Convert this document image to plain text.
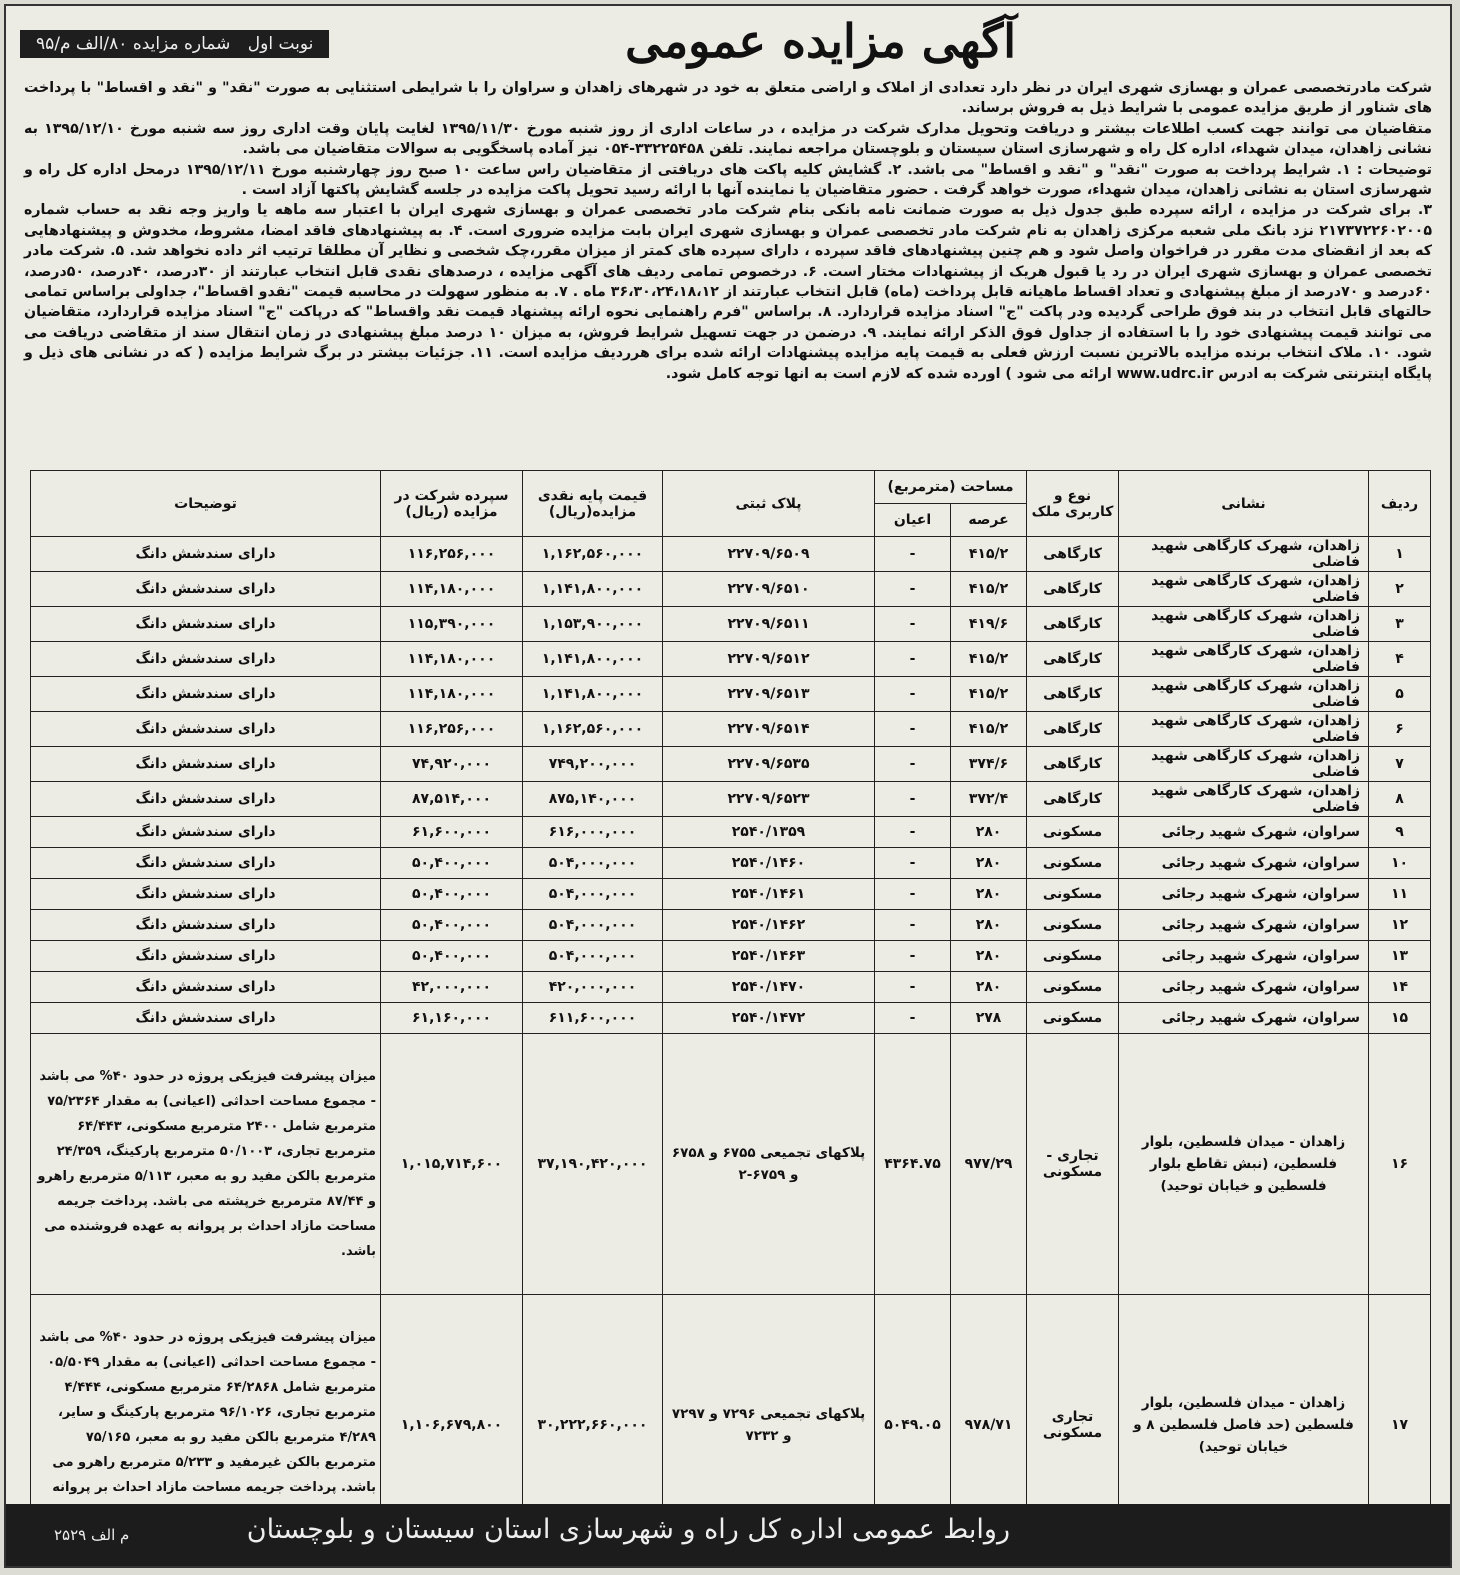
آگهی مزایده عمومی
نوبت اول شماره مزایده ۸۰/الف م/۹۵

شرکت مادرتخصصی عمران و بهسازی شهری ایران در نظر دارد تعدادی از املاک و اراضی متعلق به خود در شهرهای زاهدان و سراوان را با شرایطی استثنایی به صورت "نقد" و "نقد و اقساط" با پرداخت های شناور از طریق مزایده عمومی با شرایط ذیل به فروش برساند.

متقاضیان می توانند جهت کسب اطلاعات بیشتر و دریافت وتحویل مدارک شرکت در مزایده ، در ساعات اداری از روز شنبه مورخ ۱۳۹۵/۱۱/۳۰ لغایت پایان وقت اداری روز سه شنبه مورخ ۱۳۹۵/۱۲/۱۰ به نشانی زاهدان، میدان شهداء، اداره کل راه و شهرسازی استان سیستان و بلوچستان مراجعه نمایند. تلفن ۳۳۲۲۵۴۵۸-۰۵۴ نیز آماده پاسخگویی به سوالات متقاضیان می باشد.

توضیحات : ۱. شرایط پرداخت به صورت "نقد" و "نقد و اقساط" می باشد. ۲. گشایش کلیه پاکت های دریافتی از متقاضیان راس ساعت ۱۰ صبح روز چهارشنبه مورخ ۱۳۹۵/۱۲/۱۱ درمحل اداره کل راه و شهرسازی استان به نشانی زاهدان، میدان شهداء، صورت خواهد گرفت . حضور متقاضیان یا نماینده آنها با ارائه رسید تحویل پاکت مزایده در جلسه گشایش پاکتها آزاد است .

۳. برای شرکت در مزایده ، ارائه سپرده طبق جدول ذیل به صورت ضمانت نامه بانکی بنام شرکت مادر تخصصی عمران و بهسازی شهری ایران با اعتبار سه ماهه یا واریز وجه نقد به حساب شماره ۲۱۷۳۷۲۲۶۰۲۰۰۵ نزد بانک ملی شعبه مرکزی زاهدان به نام شرکت مادر تخصصی عمران و بهسازی شهری ایران بابت مزایده ضروری است. ۴. به پیشنهادهای فاقد امضا، مشروط، مخدوش و پیشنهادهایی که بعد از انقضای مدت مقرر در فراخوان واصل شود و هم چنین پیشنهادهای فاقد سپرده ، دارای سپرده های کمتر از میزان مقرر،چک شخصی و نظایر آن مطلقا ترتیب اثر داده نخواهد شد. ۵. شرکت مادر تخصصی عمران و بهسازی شهری ایران در رد یا قبول هریک از پیشنهادات مختار است. ۶. درخصوص تمامی ردیف های آگهی مزایده ، درصدهای نقدی قابل انتخاب عبارتند از ۳۰درصد، ۴۰درصد، ۵۰درصد، ۶۰درصد و ۷۰درصد از مبلغ پیشنهادی و تعداد اقساط ماهیانه قابل پرداخت (ماه) قابل انتخاب عبارتند از ۳۶،۳۰،۲۴،۱۸،۱۲ ماه . ۷. به منظور سهولت در محاسبه قیمت "نقدو اقساط"، جداولی براساس تمامی حالتهای قابل انتخاب در بند فوق طراحی گردیده ودر پاکت "ج" اسناد مزایده قراردارد. ۸. براساس "فرم راهنمایی نحوه ارائه پیشنهاد قیمت نقد واقساط" که درپاکت "ج" اسناد مزایده قراردارد، متقاضیان می توانند قیمت پیشنهادی خود را با استفاده از جداول فوق الذکر ارائه نمایند. ۹. درضمن در جهت تسهیل شرایط فروش، به میزان ۱۰ درصد مبلغ پیشنهادی در زمان انتقال سند از متقاضی دریافت می شود. ۱۰. ملاک انتخاب برنده مزایده بالاترین نسبت ارزش فعلی به قیمت پایه مزایده پیشنهادات ارائه شده برای هرردیف مزایده است. ۱۱. جزئیات بیشتر در برگ شرایط مزایده ( که در نشانی های ذیل و پایگاه اینترنتی شرکت به ادرس www.udrc.ir ارائه می شود ) اورده شده که لازم است به انها توجه کامل شود.

ردیف	نشانی	نوع و کاربری ملک	مساحت (مترمربع)		پلاک ثبتی	قیمت پایه نقدی مزایده(ریال)	سپرده شرکت در مزایده (ریال)	توضیحات
			عرصه	اعیان				
۱	زاهدان، شهرک کارگاهی شهید فاضلی	کارگاهی	۴۱۵/۲	-	۲۲۷۰۹/۶۵۰۹	۱,۱۶۲,۵۶۰,۰۰۰	۱۱۶,۲۵۶,۰۰۰	دارای سندشش دانگ
۲	زاهدان، شهرک کارگاهی شهید فاضلی	کارگاهی	۴۱۵/۲	-	۲۲۷۰۹/۶۵۱۰	۱,۱۴۱,۸۰۰,۰۰۰	۱۱۴,۱۸۰,۰۰۰	دارای سندشش دانگ
۳	زاهدان، شهرک کارگاهی شهید فاضلی	کارگاهی	۴۱۹/۶	-	۲۲۷۰۹/۶۵۱۱	۱,۱۵۳,۹۰۰,۰۰۰	۱۱۵,۳۹۰,۰۰۰	دارای سندشش دانگ
۴	زاهدان، شهرک کارگاهی شهید فاضلی	کارگاهی	۴۱۵/۲	-	۲۲۷۰۹/۶۵۱۲	۱,۱۴۱,۸۰۰,۰۰۰	۱۱۴,۱۸۰,۰۰۰	دارای سندشش دانگ
۵	زاهدان، شهرک کارگاهی شهید فاضلی	کارگاهی	۴۱۵/۲	-	۲۲۷۰۹/۶۵۱۳	۱,۱۴۱,۸۰۰,۰۰۰	۱۱۴,۱۸۰,۰۰۰	دارای سندشش دانگ
۶	زاهدان، شهرک کارگاهی شهید فاضلی	کارگاهی	۴۱۵/۲	-	۲۲۷۰۹/۶۵۱۴	۱,۱۶۲,۵۶۰,۰۰۰	۱۱۶,۲۵۶,۰۰۰	دارای سندشش دانگ
۷	زاهدان، شهرک کارگاهی شهید فاضلی	کارگاهی	۳۷۴/۶	-	۲۲۷۰۹/۶۵۳۵	۷۴۹,۲۰۰,۰۰۰	۷۴,۹۲۰,۰۰۰	دارای سندشش دانگ
۸	زاهدان، شهرک کارگاهی شهید فاضلی	کارگاهی	۳۷۲/۴	-	۲۲۷۰۹/۶۵۲۳	۸۷۵,۱۴۰,۰۰۰	۸۷,۵۱۴,۰۰۰	دارای سندشش دانگ
۹	سراوان، شهرک شهید رجائی	مسکونی	۲۸۰	-	۲۵۴۰/۱۳۵۹	۶۱۶,۰۰۰,۰۰۰	۶۱,۶۰۰,۰۰۰	دارای سندشش دانگ
۱۰	سراوان، شهرک شهید رجائی	مسکونی	۲۸۰	-	۲۵۴۰/۱۴۶۰	۵۰۴,۰۰۰,۰۰۰	۵۰,۴۰۰,۰۰۰	دارای سندشش دانگ
۱۱	سراوان، شهرک شهید رجائی	مسکونی	۲۸۰	-	۲۵۴۰/۱۴۶۱	۵۰۴,۰۰۰,۰۰۰	۵۰,۴۰۰,۰۰۰	دارای سندشش دانگ
۱۲	سراوان، شهرک شهید رجائی	مسکونی	۲۸۰	-	۲۵۴۰/۱۴۶۲	۵۰۴,۰۰۰,۰۰۰	۵۰,۴۰۰,۰۰۰	دارای سندشش دانگ
۱۳	سراوان، شهرک شهید رجائی	مسکونی	۲۸۰	-	۲۵۴۰/۱۴۶۳	۵۰۴,۰۰۰,۰۰۰	۵۰,۴۰۰,۰۰۰	دارای سندشش دانگ
۱۴	سراوان، شهرک شهید رجائی	مسکونی	۲۸۰	-	۲۵۴۰/۱۴۷۰	۴۲۰,۰۰۰,۰۰۰	۴۲,۰۰۰,۰۰۰	دارای سندشش دانگ
۱۵	سراوان، شهرک شهید رجائی	مسکونی	۲۷۸	-	۲۵۴۰/۱۴۷۲	۶۱۱,۶۰۰,۰۰۰	۶۱,۱۶۰,۰۰۰	دارای سندشش دانگ
۱۶	زاهدان - میدان فلسطین، بلوار فلسطین، (نبش تقاطع بلوار فلسطین و خیابان توحید)	تجاری - مسکونی	۹۷۷/۲۹	۴۳۶۴.۷۵	پلاکهای تجمیعی ۶۷۵۵ و ۶۷۵۸ و ۶۷۵۹-۲	۳۷,۱۹۰,۴۲۰,۰۰۰	۱,۰۱۵,۷۱۴,۶۰۰	میزان پیشرفت فیزیکی پروژه در حدود ۴۰% می باشد - مجموع مساحت احداثی (اعیانی) به مقدار ۷۵/۲۳۶۴ مترمربع شامل ۲۴۰۰ مترمربع مسکونی، ۶۴/۴۴۳ مترمربع تجاری، ۵۰/۱۰۰۳ مترمربع پارکینگ، ۲۴/۳۵۹ مترمربع بالکن مفید رو به معبر، ۵/۱۱۳ مترمربع راهرو و ۸۷/۴۴ مترمربع خرپشته می باشد. پرداخت جریمه مساحت مازاد احداث بر پروانه به عهده فروشنده می باشد.
۱۷	زاهدان - میدان فلسطین، بلوار فلسطین (حد فاصل فلسطین ۸ و خیابان توحید)	تجاری مسکونی	۹۷۸/۷۱	۵۰۴۹.۰۵	پلاکهای تجمیعی ۷۲۹۶ و ۷۲۹۷ و ۷۲۳۲	۳۰,۲۲۲,۶۶۰,۰۰۰	۱,۱۰۶,۶۷۹,۸۰۰	میزان پیشرفت فیزیکی پروژه در حدود ۴۰% می باشد - مجموع مساحت احداثی (اعیانی) به مقدار ۰۵/۵۰۴۹ مترمربع شامل ۶۴/۲۸۶۸ مترمربع مسکونی، ۴/۴۴۴ مترمربع تجاری، ۹۶/۱۰۲۶ مترمربع پارکینگ و سایر، ۴/۲۸۹ مترمربع بالکن مفید رو به معبر، ۷۵/۱۶۵ مترمربع بالکن غیرمفید و ۵/۲۳۳ مترمربع راهرو می باشد. پرداخت جریمه مساحت مازاد احداث بر پروانه
روابط عمومی اداره کل راه و شهرسازی استان سیستان و بلوچستان
م الف ۲۵۲۹
